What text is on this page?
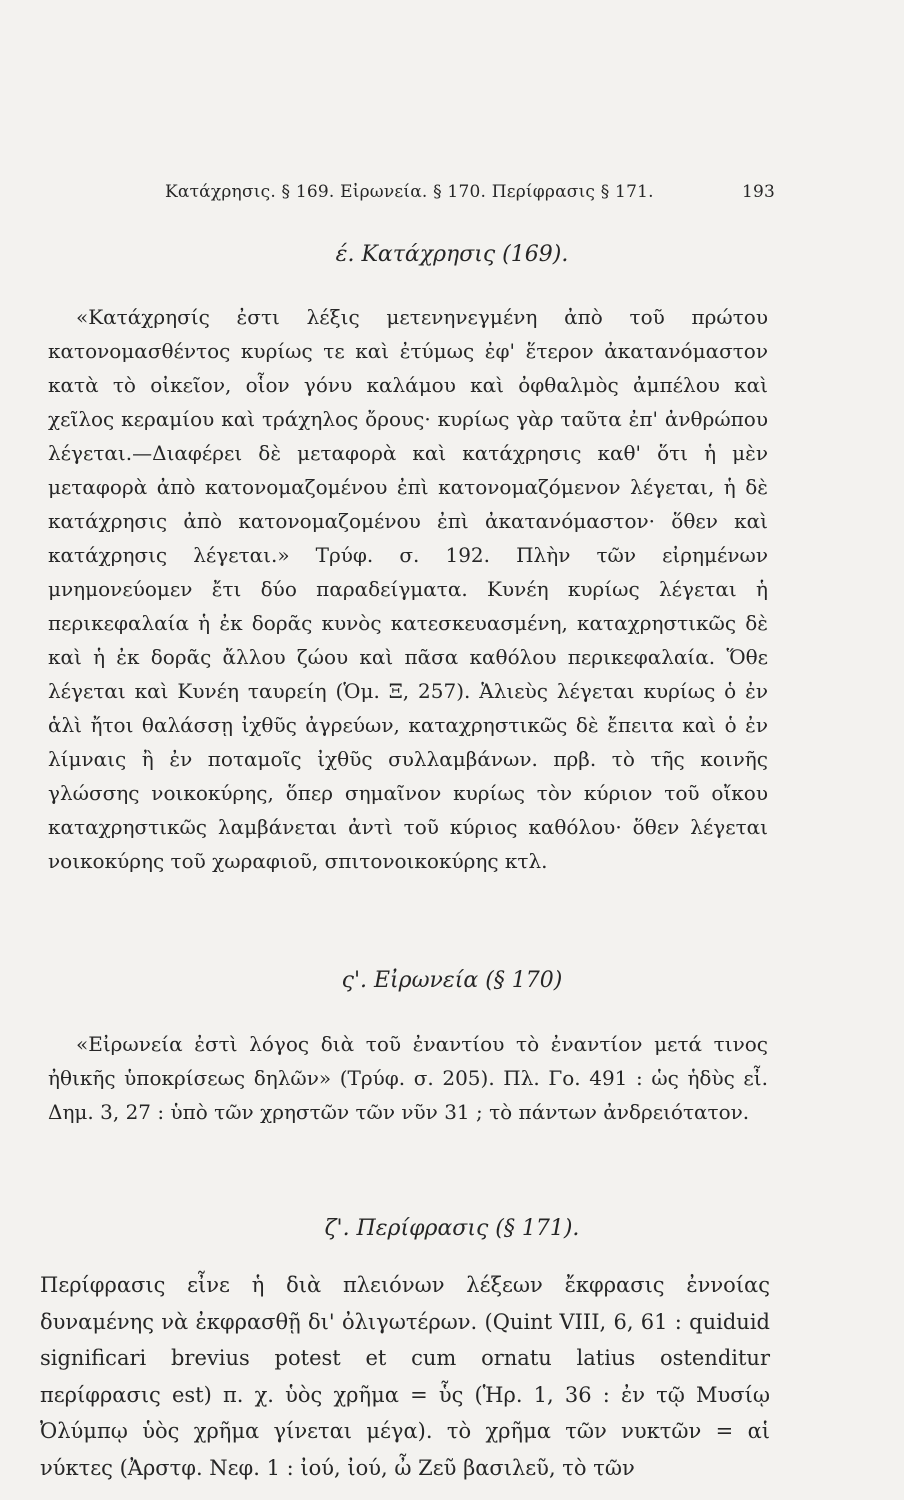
Κατάχρησις. § 169. Εἰρωνεία. § 170. Περίφρασις § 171.	193
έ. Κατάχρησις (169).

«Κατάχρησίς ἐστι λέξις μετενηνεγμένη ἀπὸ τοῦ πρώτου κατονομασθέντος κυρίως τε καὶ ἐτύμως ἐφ' ἕτερον ἀκατανόμαστον κατὰ τὸ οἰκεῖον, οἷον γόνυ καλάμου καὶ ὀφθαλμὸς ἀμπέλου καὶ χεῖλος κεραμίου καὶ τράχηλος ὄρους· κυρίως γὰρ ταῦτα ἐπ' ἀνθρώπου λέγεται.—Διαφέρει δὲ μεταφορὰ καὶ κατάχρησις καθ' ὅτι ἡ μὲν μεταφορὰ ἀπὸ κατονομαζομένου ἐπὶ κατονομαζόμενον λέγεται, ἡ δὲ κατάχρησις ἀπὸ κατονομαζομένου ἐπὶ ἀκατανόμαστον· ὅθεν καὶ κατάχρησις λέγεται.» Τρύφ. σ. 192. Πλὴν τῶν εἰρημένων μνημονεύομεν ἔτι δύο παραδείγματα. Κυνέη κυρίως λέγεται ἡ περικεφαλαία ἡ ἐκ δορᾶς κυνὸς κατεσκευασμένη, καταχρηστικῶς δὲ καὶ ἡ ἐκ δορᾶς ἄλλου ζώου καὶ πᾶσα καθόλου περικεφαλαία. Ὅθε λέγεται καὶ Κυνέη ταυρείη (Ὁμ. Ξ, 257). Ἁλιεὺς λέγεται κυρίως ὁ ἐν ἁλὶ ἤτοι θαλάσσῃ ἰχθῦς ἀγρεύων, καταχρηστικῶς δὲ ἔπειτα καὶ ὁ ἐν λίμναις ἢ ἐν ποταμοῖς ἰχθῦς συλλαμβάνων. πρβ. τὸ τῆς κοινῆς γλώσσης νοικοκύρης, ὅπερ σημαῖνον κυρίως τὸν κύριον τοῦ οἴκου καταχρηστικῶς λαμβάνεται ἀντὶ τοῦ κύριος καθόλου· ὅθεν λέγεται νοικοκύρης τοῦ χωραφιοῦ, σπιτονοικοκύρης κτλ.

ς'. Εἰρωνεία (§ 170)

«Εἰρωνεία ἐστὶ λόγος διὰ τοῦ ἐναντίου τὸ ἐναντίον μετά τινος ἠθικῆς ὑποκρίσεως δηλῶν» (Τρύφ. σ. 205). Πλ. Γο. 491 : ὡς ἡδὺς εἶ. Δημ. 3, 27 : ὑπὸ τῶν χρηστῶν τῶν νῦν 31 ; τὸ πάντων ἀνδρειότατον.

ζ'. Περίφρασις (§ 171).

Περίφρασις εἶνε ἡ διὰ πλειόνων λέξεων ἔκφρασις ἐννοίας δυναμένης νὰ ἐκφρασθῇ δι' ὀλιγωτέρων. (Quint VIII, 6, 61 : quiduid significari brevius potest et cum ornatu latius ostenditur περίφρασις est) π. χ. ὑὸς χρῆμα = ὗς (Ἡρ. 1, 36 : ἐν τῷ Μυσίῳ Ὀλύμπῳ ὑὸς χρῆμα γίνεται μέγα). τὸ χρῆμα τῶν νυκτῶν = αἱ νύκτες (Ἀρστφ. Νεφ. 1 : ἰού, ἰού, ὦ Ζεῦ βασιλεῦ, τὸ τῶν
